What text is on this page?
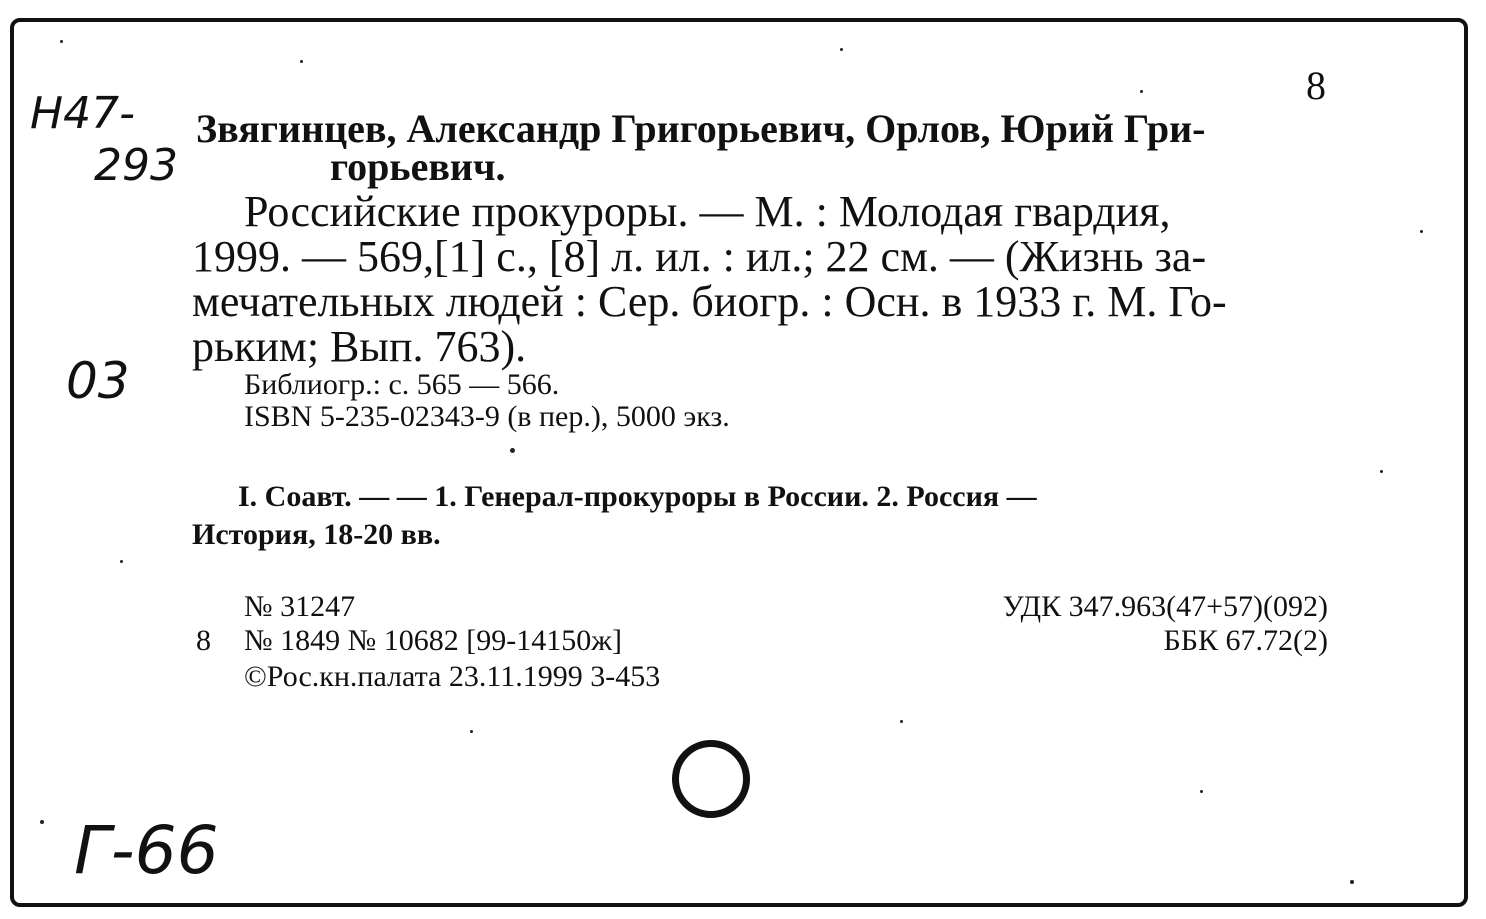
8
Н47-
293
03
Г-66
Звягинцев, Александр Григорьевич, Орлов, Юрий Гри-
горьевич.
Российские прокуроры. — М. : Молодая гвардия,
1999. — 569,[1] с., [8] л. ил. : ил.; 22 см. — (Жизнь за-
мечательных людей : Сер. биогр. : Осн. в 1933 г. М. Го-
рьким; Вып. 763).
Библиогр.: с. 565 — 566.
ISBN 5-235-02343-9 (в пер.), 5000 экз.
I. Соавт. — — 1. Генерал-прокуроры в России. 2. Россия —
История, 18-20 вв.
№ 31247
8 № 1849 № 10682 [99-14150ж]
©Рос.кн.палата 23.11.1999 3-453
УДК 347.963(47+57)(092)
ББК 67.72(2)
